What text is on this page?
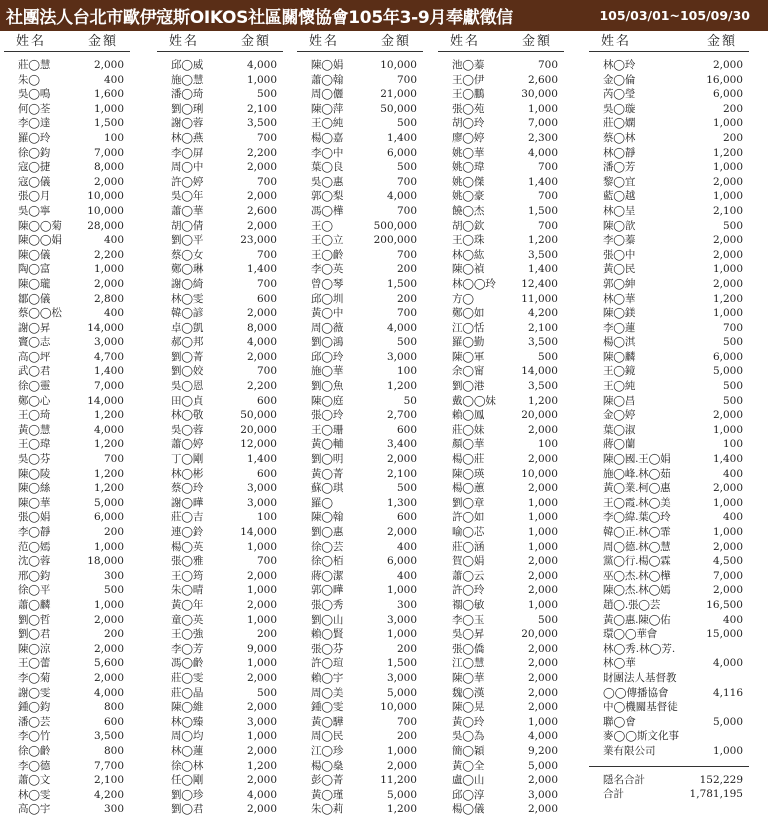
社團法人台北市歐伊寇斯OIKOS社區關懷協會105年3-9月奉獻徵信	105/03/01~105/09/30
姓名	金額
莊◯慧	2,000
朱◯	400
吳◯鳴	1,600
何◯荃	1,000
李◯達	1,500
羅◯玲	100
徐◯鈞	7,000
寇◯捷	8,000
寇◯儀	2,000
張◯月	10,000
吳◯寧	10,000
陳◯◯菊 28,000
陳◯◯娟	400
陳◯儀	2,200
陶◯富	1,000
陳◯瓏	2,000
鄒◯儀	2,800
蔡◯◯松	400
謝◯昇	14,000
竇◯志	3,000
高◯坪	4,700
武◯君	1,400
徐◯靈	7,000
鄭◯心	14,000
王◯琦	1,200
黃◯慧	4,000
王◯瑋	1,200
吳◯芬	700
陳◯陵	1,200
陳◯絲	1,200
陳◯華	5,000
張◯娟	6,000
李◯靜	200
范◯嫣	1,000
沈◯蓉	18,000
邢◯鈞	300
徐◯平	500
蕭◯麟	1,000
劉◯哲	2,000
劉◯君	200
陳◯涼	2,000
王◯蕾	5,600
李◯菊	2,000
謝◯雯	4,000
鍾◯鈞	800
潘◯芸	600
李◯竹	3,500
徐◯齡	800
李◯德	7,700
蕭◯文	2,100
林◯雯	4,200
高◯宇	300
姓名	金額
邱◯威	4,000
施◯慧	1,000
潘◯琦	500
劉◯琍	2,100
謝◯蓉	3,500
林◯燕	700
李◯屏	2,200
周◯中	2,000
許◯婷	700
吳◯年	2,000
蕭◯華	2,600
胡◯倩	2,000
劉◯平	23,000
蔡◯女	700
鄭◯琳	1,400
謝◯綺	700
林◯雯	600
韓◯諺	2,000
卓◯凱	8,000
郝◯邦	4,000
劉◯菁	2,000
劉◯姣	700
吳◯恩	2,200
田◯貞	600
林◯敬	50,000
吳◯蓉	20,000
蕭◯婷	12,000
丁◯剛	1,400
林◯彬	600
蔡◯玲	3,000
謝◯曄	3,000
莊◯吉	100
連◯鈴	14,000
楊◯英	1,000
張◯雅	700
王◯筠	2,000
朱◯晴	1,000
黃◯年	2,000
童◯英	1,000
王◯強	200
李◯芳	9,000
馮◯齡	1,000
莊◯雯	2,000
莊◯晶	500
陳◯維	2,000
林◯臻	3,000
周◯均	1,000
林◯蓮	2,000
徐◯林	1,200
任◯剛	2,000
劉◯珍	4,000
劉◯君	2,000
姓名	金額
陳◯娟	10,000
蕭◯翰	700
周◯儷	21,000
陳◯萍	50,000
王◯純	500
楊◯嘉	1,400
李◯中	6,000
葉◯良	500
吳◯惠	700
郭◯梨	4,000
馮◯樺	700
王◯	500,000
王◯立	200,000
王◯齡	700
李◯英	200
曾◯琴	1,500
邱◯圳	200
黃◯中	700
周◯薇	4,000
劉◯鴻	500
邱◯玲	3,000
施◯華	100
劉◯魚	1,200
陳◯庭	50
張◯玲	2,700
王◯珊	600
黃◯輔	3,400
劉◯明	2,000
黃◯菁	2,100
蘇◯琪	500
羅◯	1,300
陳◯翰	600
劉◯惠	2,000
徐◯芸	400
徐◯栢	6,000
蔣◯潔	400
郭◯曄	1,000
張◯秀	300
劉◯山	3,000
賴◯賢	1,000
張◯芬	200
許◯瑄	1,500
賴◯宇	3,000
周◯美	5,000
鍾◯雯	10,000
黃◯驊	700
周◯民	200
江◯珍	1,000
楊◯燊	2,000
彭◯菁	11,200
黃◯瑾	5,000
朱◯莉	1,200
姓名	金額
池◯蓁	700
王◯伊	2,600
王◯鵬	30,000
張◯苑	1,000
胡◯玲	7,000
廖◯婷	2,300
姚◯華	4,000
姚◯瑋	700
姚◯傑	1,400
姚◯豪	700
饒◯杰	1,500
胡◯欽	700
王◯珠	1,200
林◯紘	3,500
陳◯禎	1,400
林◯◯玲 12,400
方◯	11,000
鄭◯如	4,200
江◯恬	2,100
羅◯勤	3,500
陳◯軍	500
余◯甯	14,000
劉◯港	3,500
戴◯◯妹	1,200
賴◯鳳	20,000
莊◯妹	2,000
顏◯華	100
楊◯莊	2,000
陳◯瑛	10,000
楊◯蕙	2,000
劉◯章	1,000
許◯如	1,000
喻◯芯	1,000
莊◯涵	1,000
賀◯娟	2,000
蕭◯云	2,000
許◯玲	2,000
禤◯敏	1,000
李◯玉	500
吳◯昇	20,000
張◯僑	2,000
江◯慧	2,000
陳◯華	2,000
魏◯漢	2,000
陳◯晃	2,000
黃◯玲	1,000
吳◯為	4,000
簡◯穎	9,200
黃◯全	5,000
盧◯山	2,000
邱◯淳	3,000
楊◯儀	2,000
姓名	金額
林◯玲	2,000
金◯倫	16,000
芮◯瑩	6,000
吳◯璇	200
莊◯嫻	1,000
蔡◯林	200
林◯靜	1,200
潘◯芳	1,000
黎◯宜	2,000
藍◯越	1,000
林◯呈	2,100
陳◯歆	500
李◯蓁	2,000
張◯中	2,000
黃◯民	1,000
郭◯紳	2,000
林◯華	1,200
陳◯鎂	1,000
李◯蓮	700
楊◯淇	500
陳◯麟	6,000
王◯鏡	5,000
王◯純	500
陳◯昌	500
金◯婷	2,000
葉◯淑	1,000
蔣◯蘭	100
陳◯國.王◯娟	1,400
施◯峰.林◯茹	400
黃◯業.柯◯惠	2,000
王◯霞.林◯美	1,000
李◯緯.葉◯玲	400
韓◯正.林◯霏	1,000
周◯德.林◯慧	2,000
黨◯行.楊◯霖	4,500
巫◯杰.林◯樺	7,000
陳◯杰.林◯嫣	2,000
趙◯.張◯芸	16,500
黃◯惠.陳◯佑	400
環◯◯華會	15,000
林◯秀.林◯芳.
林◯華	4,000
財團法人基督教
◯◯傳播協會	4,116
中◯機關基督徒
聯◯會	5,000
麥◯◯斯文化事
業有限公司	1,000
隱名合計	152,229
合計	1,781,195
